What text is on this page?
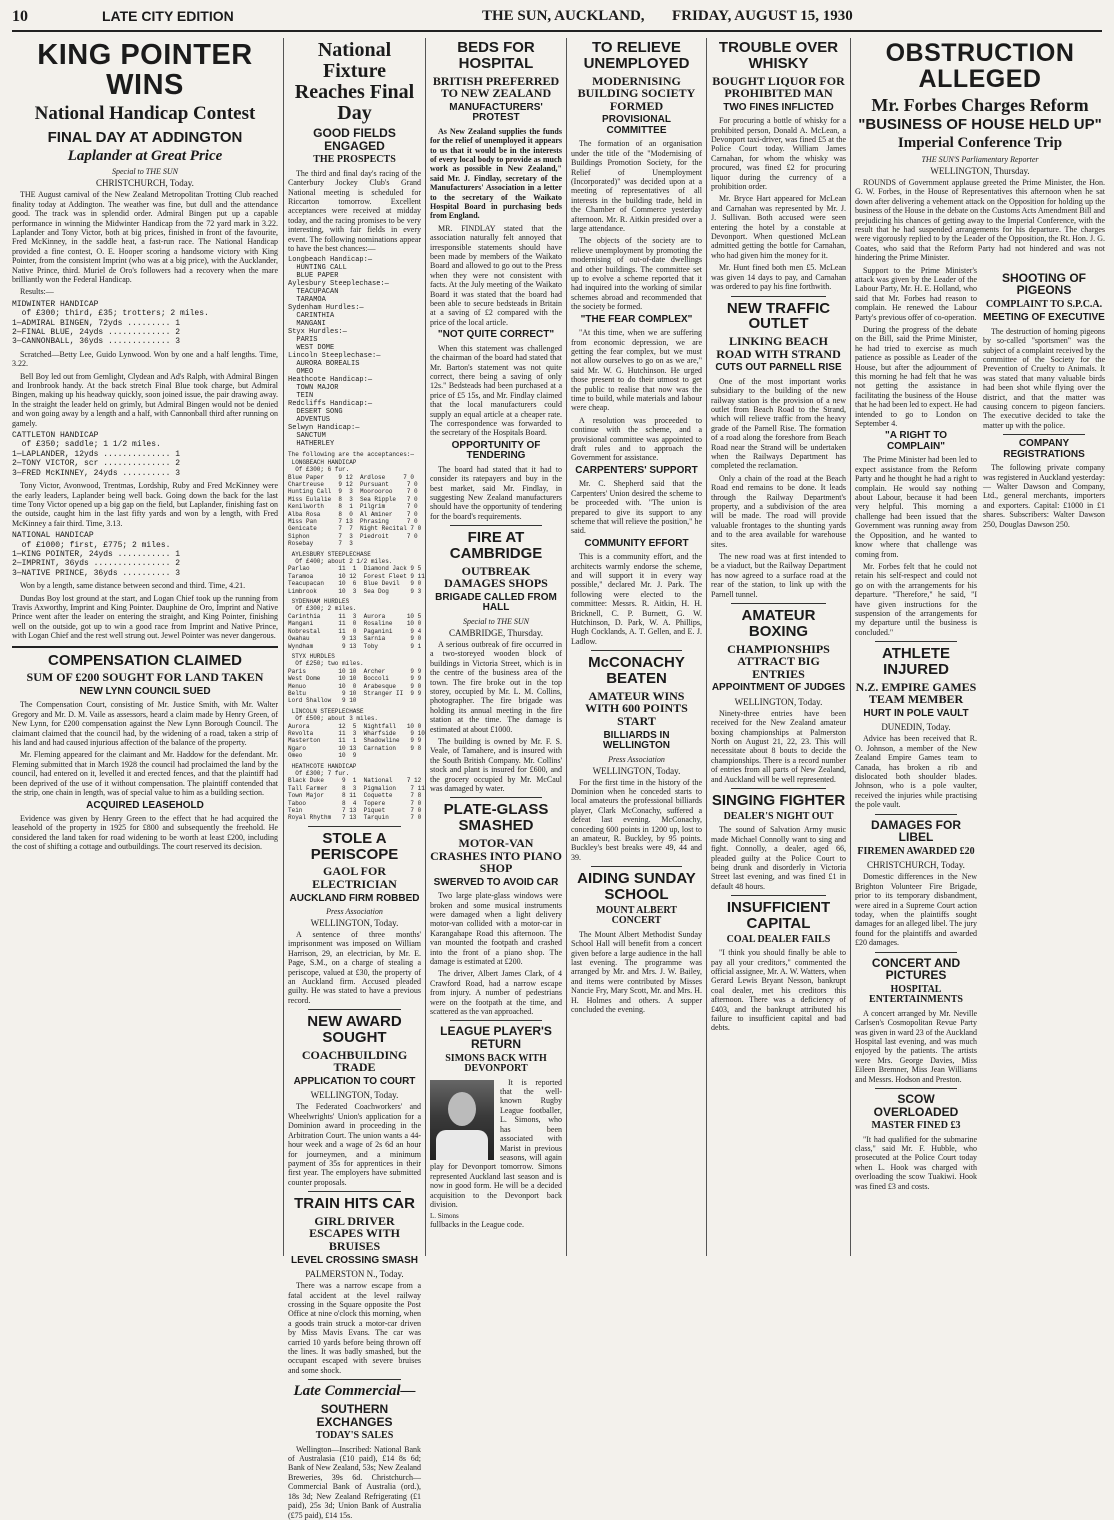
10	LATE CITY EDITION	THE SUN, AUCKLAND, FRIDAY, AUGUST 15, 1930
KING POINTER WINS
National Handicap Contest
FINAL DAY AT ADDINGTON
Laplander at Great Price
Special to THE SUN
CHRISTCHURCH, Today.

THE August carnival of the New Zealand Metropolitan Trotting Club reached finality today at Addington. The weather was fine, but dull and the attendance good. The track was in splendid order. Admiral Bingen put up a capable performance in winning the Midwinter Handicap from the 72 yard mark in 3.22. Laplander and Tony Victor, both at big prices, finished in front of the favourite, Fred McKinney, in the saddle heat, a fast-run race. The National Handicap provided a fine contest, O. E. Hooper scoring a handsome victory with King Pointer, from the consistent Imprint (who was at a big price), with the Aucklander, Native Prince, third. Muriel de Oro's followers had a recovery when the mare brilliantly won the Federal Handicap.

Results:—

MIDWINTER HANDICAP
of £300; third, £35; trotters; 2 miles.
1—ADMIRAL BINGEN, 72yds ......... 1
2—FINAL BLUE, 24yds ............. 2
3—CANNONBALL, 36yds ............. 3

Scratched—Betty Lee, Guido Lynwood. Won by one and a half lengths. Time, 3.22.

Bell Boy led out from Gemlight, Clydean and Ad's Ralph, with Admiral Bingen and Ironbrook handy. At the back stretch Final Blue took charge, but Admiral Bingen, making up his headway quickly, soon joined issue, the pair drawing away. In the straight the leader held on grimly, but Admiral Bingen would not be denied and won going away by a length and a half, with Cannonball third after running on gamely.

CATTLETON HANDICAP
of £350; saddle; 1 1/2 miles.
1—LAPLANDER, 12yds .............. 1
2—TONY VICTOR, scr .............. 2
3—FRED McKINNEY, 24yds .......... 3

Tony Victor, Avonwood, Trentmas, Lordship, Ruby and Fred McKinney were the early leaders, Laplander being well back. Going down the back for the last time Tony Victor opened up a big gap on the field, but Laplander, finishing fast on the outside, caught him in the last fifty yards and won by a length, with Fred McKinney a fair third. Time, 3.13.

NATIONAL HANDICAP
of £1000; first, £775; 2 miles.
1—KING POINTER, 24yds ........... 1
2—IMPRINT, 36yds ................ 2
3—NATIVE PRINCE, 36yds .......... 3

Won by a length, same distance between second and third. Time, 4.21.

Dundas Boy lost ground at the start, and Logan Chief took up the running from Travis Axworthy, Imprint and King Pointer. Dauphine de Oro, Imprint and Native Prince went after the leader on entering the straight, and King Pointer, finishing well on the outside, got up to win a good race from Imprint and Native Prince, with Logan Chief and the rest well strung out. Jewel Pointer was never dangerous.

COMPENSATION CLAIMED
SUM OF £200 SOUGHT FOR LAND TAKEN
NEW LYNN COUNCIL SUED

The Compensation Court, consisting of Mr. Justice Smith, with Mr. Walter Gregory and Mr. D. M. Vaile as assessors, heard a claim made by Henry Green, of New Lynn, for £200 compensation against the New Lynn Borough Council. The claimant claimed that the council had, by the widening of a road, taken a strip of his land and had caused injurious affection of the balance of the property.

Mr. Fleming appeared for the claimant and Mr. Haddow for the defendant. Mr. Fleming submitted that in March 1928 the council had proclaimed the land by the council, had entered on it, levelled it and erected fences, and that the plaintiff had been deprived of the use of it without compensation. The plaintiff contended that the strip, one chain in length, was of special value to him as a building section.

ACQUIRED LEASEHOLD

Evidence was given by Henry Green to the effect that he had acquired the leasehold of the property in 1925 for £800 and subsequently the freehold. He considered the land taken for road widening to be worth at least £200, including the cost of shifting a cottage and outbuildings. The court reserved its decision.

National Fixture Reaches Final Day
GOOD FIELDS ENGAGED
THE PROSPECTS

The third and final day's racing of the Canterbury Jockey Club's Grand National meeting is scheduled for Riccarton tomorrow. Excellent acceptances were received at midday today, and the racing promises to be very interesting, with fair fields in every event. The following nominations appear to have the best chances:—

Longbeach Handicap:—
HUNTING CALL
BLUE PAPER
Aylesbury Steeplechase:—
TEACUPACAN
TARAMOA
Sydenham Hurdles:—
CARINTHIA
MANGANI
Styx Hurdles:—
PARIS
WEST DOME
Lincoln Steeplechase:—
AURORA BOREALIS
OMEO
Heathcote Handicap:—
TOWN MAJOR
TEIN
Redcliffs Handicap:—
DESERT SONG
ADVENTUS
Selwyn Handicap:—
SANCTUM
HATHERLEY
The following are the acceptances:—
LONGBEACH HANDICAP
Of £300; 6 fur.
Blue Paper    9 12  Ardlose     7 0
Chartreuse    9 12  Pursuant     7 0
Hunting Call  9  3  Moorooroo    7 0
Miss Eulalie  8  3  Sea Ripple   7 0
Kenilworth    8  1  Pilgrim      7 0
Alba Rosa     8  0  Al Aminer    7 0
Miss Pan      7 13  Phrasing     7 0
Genicate      7  7  Night Recital 7 0
Siphon        7  3  Piedroit     7 0
Rosebay       7  3
AYLESBURY STEEPLECHASE
Of £400; about 2 1/2 miles.
Parlao        11  1  Diamond Jack 9 5
Taramoa       10 12  Forest Fleet 9 11
Teacupacan    10  6  Blue Devil   9 0
Limbrook      10  3  Sea Dog      9 3
SYDENHAM HURDLES
Of £300; 2 miles.
Carinthia     11  3  Aurora      10 5
Mangani       11  0  Rosaline    10 0
Nobrestal     11  0  Paganini     9 4
Owahau         9 13  Sarnia       9 0
Wyndham        9 13  Toby         9 1
STYX HURDLES
Of £250; two miles.
Paris         10 10  Archer       9 9
West Dome     10 10  Boccoli      9 9
Menuo         10  0  Arabesque    9 0
Beltu          9 10  Stranger II  9 9
Lord Shallow   9 10
LINCOLN STEEPLECHASE
Of £500; about 3 miles.
Aurora        12  5  Nightfall   10 0
Revolta       11  3  Wharfside    9 10
Masterton     11  1  Shadowline   9 9
Ngaro         10 13  Carnation    9 8
Omeo          10  9
HEATHCOTE HANDICAP
Of £300; 7 fur.
Black Duke     9  1  National    7 12
Tall Farmer    8  3  Pigmalion    7 11
Town Major     8 11  Coquette     7 8
Taboo          8  4  Topere       7 0
Tein           7 13  Piquet       7 0
Royal Rhythm   7 13  Tarquin      7 0
STOLE A PERISCOPE
GAOL FOR ELECTRICIAN
AUCKLAND FIRM ROBBED
Press Association
WELLINGTON, Today.

A sentence of three months' imprisonment was imposed on William Harrison, 29, an electrician, by Mr. E. Page, S.M., on a charge of stealing a periscope, valued at £30, the property of an Auckland firm. Accused pleaded guilty. He was stated to have a previous record.

NEW AWARD SOUGHT
COACHBUILDING TRADE
APPLICATION TO COURT
WELLINGTON, Today.

The Federated Coachworkers' and Wheelwrights' Union's application for a Dominion award in proceeding in the Arbitration Court. The union wants a 44-hour week and a wage of 2s 6d an hour for journeymen, and a minimum payment of 35s for apprentices in their first year. The employers have submitted counter proposals.

TRAIN HITS CAR
GIRL DRIVER ESCAPES WITH BRUISES
LEVEL CROSSING SMASH
PALMERSTON N., Today.

There was a narrow escape from a fatal accident at the level railway crossing in the Square opposite the Post Office at nine o'clock this morning, when a goods train struck a motor-car driven by Miss Mavis Evans. The car was carried 10 yards before being thrown off the lines. It was badly smashed, but the occupant escaped with severe bruises and some shock.

Late Commercial—
SOUTHERN EXCHANGES
TODAY'S SALES

Wellington—Inscribed: National Bank of Australasia (£10 paid), £14 8s 6d; Bank of New Zealand, 53s; New Zealand Breweries, 39s 6d. Christchurch—Commercial Bank of Australia (ord.), 18s 3d; New Zealand Refrigerating (£1 paid), 25s 3d; Union Bank of Australia (£75 paid), £14 15s.

BEDS FOR HOSPITAL
BRITISH PREFERRED TO NEW ZEALAND
MANUFACTURERS' PROTEST

As New Zealand supplies the funds for the relief of unemployed it appears to us that it would be in the interests of every local body to provide as much work as possible in New Zealand," said Mr. J. Findlay, secretary of the Manufacturers' Association in a letter to the secretary of the Waikato Hospital Board in purchasing beds from England.

MR. FINDLAY stated that the association naturally felt annoyed that irresponsible statements should have been made by members of the Waikato Board and allowed to go out to the Press when they were not consistent with facts. At the July meeting of the Waikato Board it was stated that the board had been able to secure bedsteads in Britain at a saving of £2 compared with the price of the local article.

"NOT QUITE CORRECT"

When this statement was challenged the chairman of the board had stated that Mr. Barton's statement was not quite correct, there being a saving of only 12s." Bedsteads had been purchased at a price of £5 15s, and Mr. Findlay claimed that the local manufacturers could supply an equal article at a cheaper rate. The correspondence was forwarded to the secretary of the Hospitals Board.

OPPORTUNITY OF TENDERING

The board had stated that it had to consider its ratepayers and buy in the best market, said Mr. Findlay, in suggesting New Zealand manufacturers should have the opportunity of tendering for the board's requirements.

FIRE AT CAMBRIDGE
OUTBREAK DAMAGES SHOPS
BRIGADE CALLED FROM HALL
Special to THE SUN
CAMBRIDGE, Thursday.

A serious outbreak of fire occurred in a two-storeyed wooden block of buildings in Victoria Street, which is in the centre of the business area of the town. The fire broke out in the top storey, occupied by Mr. L. M. Collins, photographer. The fire brigade was holding its annual meeting in the fire station at the time. The damage is estimated at about £1000.

The building is owned by Mr. F. S. Veale, of Tamahere, and is insured with the South British Company. Mr. Collins' stock and plant is insured for £600, and the grocery occupied by Mr. McCaul was damaged by water.

PLATE-GLASS SMASHED
MOTOR-VAN CRASHES INTO PIANO SHOP
SWERVED TO AVOID CAR

Two large plate-glass windows were broken and some musical instruments were damaged when a light delivery motor-van collided with a motor-car in Karangahape Road this afternoon. The van mounted the footpath and crashed into the front of a piano shop. The damage is estimated at £200.

The driver, Albert James Clark, of 4 Crawford Road, had a narrow escape from injury. A number of pedestrians were on the footpath at the time, and scattered as the van approached.

LEAGUE PLAYER'S RETURN
SIMONS BACK WITH DEVONPORT

It is reported that the well-known Rugby League footballer, L. Simons, who has been associated with Marist in previous seasons, will again play for Devonport tomorrow. Simons represented Auckland last season and is now in good form. He will be a decided acquisition to the Devonport back division.

L. Simons
fullbacks in the League code.
TO RELIEVE UNEMPLOYED
MODERNISING BUILDING SOCIETY FORMED
PROVISIONAL COMMITTEE

The formation of an organisation under the title of the "Modernising of Buildings Promotion Society, for the Relief of Unemployment (Incorporated)" was decided upon at a meeting of representatives of all interests in the building trade, held in the Chamber of Commerce yesterday afternoon. Mr. R. Aitkin presided over a large attendance.

The objects of the society are to relieve unemployment by promoting the modernising of out-of-date dwellings and other buildings. The committee set up to evolve a scheme reported that it had inquired into the working of similar schemes abroad and recommended that the society be formed.

"THE FEAR COMPLEX"

"At this time, when we are suffering from economic depression, we are getting the fear complex, but we must not allow ourselves to go on as we are," said Mr. W. G. Hutchinson. He urged those present to do their utmost to get the public to realise that now was the time to build, while materials and labour were cheap.

A resolution was proceeded to continue with the scheme, and a provisional committee was appointed to draft rules and to approach the Government for assistance.

CARPENTERS' SUPPORT

Mr. C. Shepherd said that the Carpenters' Union desired the scheme to be proceeded with. "The union is prepared to give its support to any scheme that will relieve the position," he said.

COMMUNITY EFFORT

This is a community effort, and the architects warmly endorse the scheme, and will support it in every way possible," declared Mr. J. Park. The following were elected to the committee: Messrs. R. Aitkin, H. H. Bricknell, C. P. Burnett, G. W. Hutchinson, D. Park, W. A. Phillips, Hugh Cocklands, A. T. Gellen, and E. J. Ladlow.

McCONACHY BEATEN
AMATEUR WINS WITH 600 POINTS START
BILLIARDS IN WELLINGTON
Press Association
WELLINGTON, Today.

For the first time in the history of the Dominion when he conceded starts to local amateurs the professional billiards player, Clark McConachy, suffered a defeat last evening. McConachy, conceding 600 points in 1200 up, lost to an amateur, R. Buckley, by 95 points. Buckley's best breaks were 49, 44 and 39.

AIDING SUNDAY SCHOOL
MOUNT ALBERT CONCERT

The Mount Albert Methodist Sunday School Hall will benefit from a concert given before a large audience in the hall last evening. The programme was arranged by Mr. and Mrs. J. W. Bailey, and items were contributed by Misses Nancie Fry, Mary Scott, Mr. and Mrs. H. H. Holmes and others. A supper concluded the evening.

TROUBLE OVER WHISKY
BOUGHT LIQUOR FOR PROHIBITED MAN
TWO FINES INFLICTED

For procuring a bottle of whisky for a prohibited person, Donald A. McLean, a Devonport taxi-driver, was fined £5 at the Police Court today. William James Carnahan, for whom the whisky was procured, was fined £2 for procuring liquor during the currency of a prohibition order.

Mr. Bryce Hart appeared for McLean and Carnahan was represented by Mr. J. J. Sullivan. Both accused were seen entering the hotel by a constable at Devonport. When questioned McLean admitted getting the bottle for Carnahan, who had given him the money for it.

Mr. Hunt fined both men £5. McLean was given 14 days to pay, and Carnahan was ordered to pay his fine forthwith.

NEW TRAFFIC OUTLET
LINKING BEACH ROAD WITH STRAND
CUTS OUT PARNELL RISE

One of the most important works subsidiary to the building of the new railway station is the provision of a new outlet from Beach Road to the Strand, which will relieve traffic from the heavy grade of the Parnell Rise. The formation of a road along the foreshore from Beach Road near the Strand will be undertaken when the Railways Department has completed the reclamation.

Only a chain of the road at the Beach Road end remains to be done. It leads through the Railway Department's property, and a subdivision of the area will be made. The road will provide valuable frontages to the shunting yards and to the area available for warehouse sites.

The new road was at first intended to be a viaduct, but the Railway Department has now agreed to a surface road at the rear of the station, to link up with the Parnell tunnel.

AMATEUR BOXING
CHAMPIONSHIPS ATTRACT BIG ENTRIES
APPOINTMENT OF JUDGES
WELLINGTON, Today.

Ninety-three entries have been received for the New Zealand amateur boxing championships at Palmerston North on August 21, 22, 23. This will necessitate about 8 bouts to decide the championships. There is a record number of entries from all parts of New Zealand, and Auckland will be well represented.

SINGING FIGHTER
DEALER'S NIGHT OUT

The sound of Salvation Army music made Michael Connolly want to sing and fight. Connolly, a dealer, aged 66, pleaded guilty at the Police Court to being drunk and disorderly in Victoria Street last evening, and was fined £1 in default 48 hours.

INSUFFICIENT CAPITAL
COAL DEALER FAILS

"I think you should finally be able to pay all your creditors," commented the official assignee, Mr. A. W. Watters, when Gerard Lewis Bryant Nesson, bankrupt coal dealer, met his creditors this afternoon. There was a deficiency of £403, and the bankrupt attributed his failure to insufficient capital and bad debts.

OBSTRUCTION ALLEGED
Mr. Forbes Charges Reform
"BUSINESS OF HOUSE HELD UP"
Imperial Conference Trip
THE SUN'S Parliamentary Reporter
WELLINGTON, Thursday.

ROUNDS of Government applause greeted the Prime Minister, the Hon. G. W. Forbes, in the House of Representatives this afternoon when he sat down after delivering a vehement attack on the Opposition for holding up the business of the House in the debate on the Customs Acts Amendment Bill and prejudicing his chances of getting away to the Imperial Conference, with the result that he had suspended arrangements for his departure. The charges were vigorously replied to by the Leader of the Opposition, the Rt. Hon. J. G. Coates, who said that the Reform Party had not hindered and was not hindering the Prime Minister.

Support to the Prime Minister's attack was given by the Leader of the Labour Party, Mr. H. E. Holland, who said that Mr. Forbes had reason to complain. He renewed the Labour Party's previous offer of co-operation.

During the progress of the debate on the Bill, said the Prime Minister, he had tried to exercise as much patience as possible as Leader of the House, but after the adjournment of this morning he had felt that he was not getting the assistance in facilitating the business of the House that he had been led to expect. He had intended to go to London on September 4.

"A RIGHT TO COMPLAIN"

The Prime Minister had been led to expect assistance from the Reform Party and he thought he had a right to complain. He would say nothing about Labour, because it had been very helpful. This morning a challenge had been issued that the Government was running away from the Opposition, and he wanted to know where that challenge was coming from.

Mr. Forbes felt that he could not retain his self-respect and could not go on with the arrangements for his departure. "Therefore," he said, "I have given instructions for the suspension of the arrangements for my departure until the business is concluded."

ATHLETE INJURED
N.Z. EMPIRE GAMES TEAM MEMBER
HURT IN POLE VAULT
DUNEDIN, Today.

Advice has been received that R. O. Johnson, a member of the New Zealand Empire Games team to Canada, has broken a rib and dislocated both shoulder blades. Johnson, who is a pole vaulter, received the injuries while practising the pole vault.

DAMAGES FOR LIBEL
FIREMEN AWARDED £20
CHRISTCHURCH, Today.

Domestic differences in the New Brighton Volunteer Fire Brigade, prior to its temporary disbandment, were aired in a Supreme Court action today, when the plaintiffs sought damages for an alleged libel. The jury found for the plaintiffs and awarded £20 damages.

CONCERT AND PICTURES
HOSPITAL ENTERTAINMENTS

A concert arranged by Mr. Neville Carlsen's Cosmopolitan Revue Party was given in ward 23 of the Auckland Hospital last evening, and was much enjoyed by the patients. The artists were Mrs. George Davies, Miss Eileen Bremner, Miss Jean Williams and Messrs. Hodson and Preston.

SCOW OVERLOADED
MASTER FINED £3

"It had qualified for the submarine class," said Mr. F. Hubble, who prosecuted at the Police Court today when L. Hook was charged with overloading the scow Tuakiwi. Hook was fined £3 and costs.

SHOOTING OF PIGEONS
COMPLAINT TO S.P.C.A.
MEETING OF EXECUTIVE

The destruction of homing pigeons by so-called "sportsmen" was the subject of a complaint received by the committee of the Society for the Prevention of Cruelty to Animals. It was stated that many valuable birds had been shot while flying over the district, and that the matter was causing concern to pigeon fanciers. The executive decided to take the matter up with the police.

COMPANY REGISTRATIONS

The following private company was registered in Auckland yesterday:— Walter Dawson and Company, Ltd., general merchants, importers and exporters. Capital: £1000 in £1 shares. Subscribers: Walter Dawson 250, Douglas Dawson 250.
